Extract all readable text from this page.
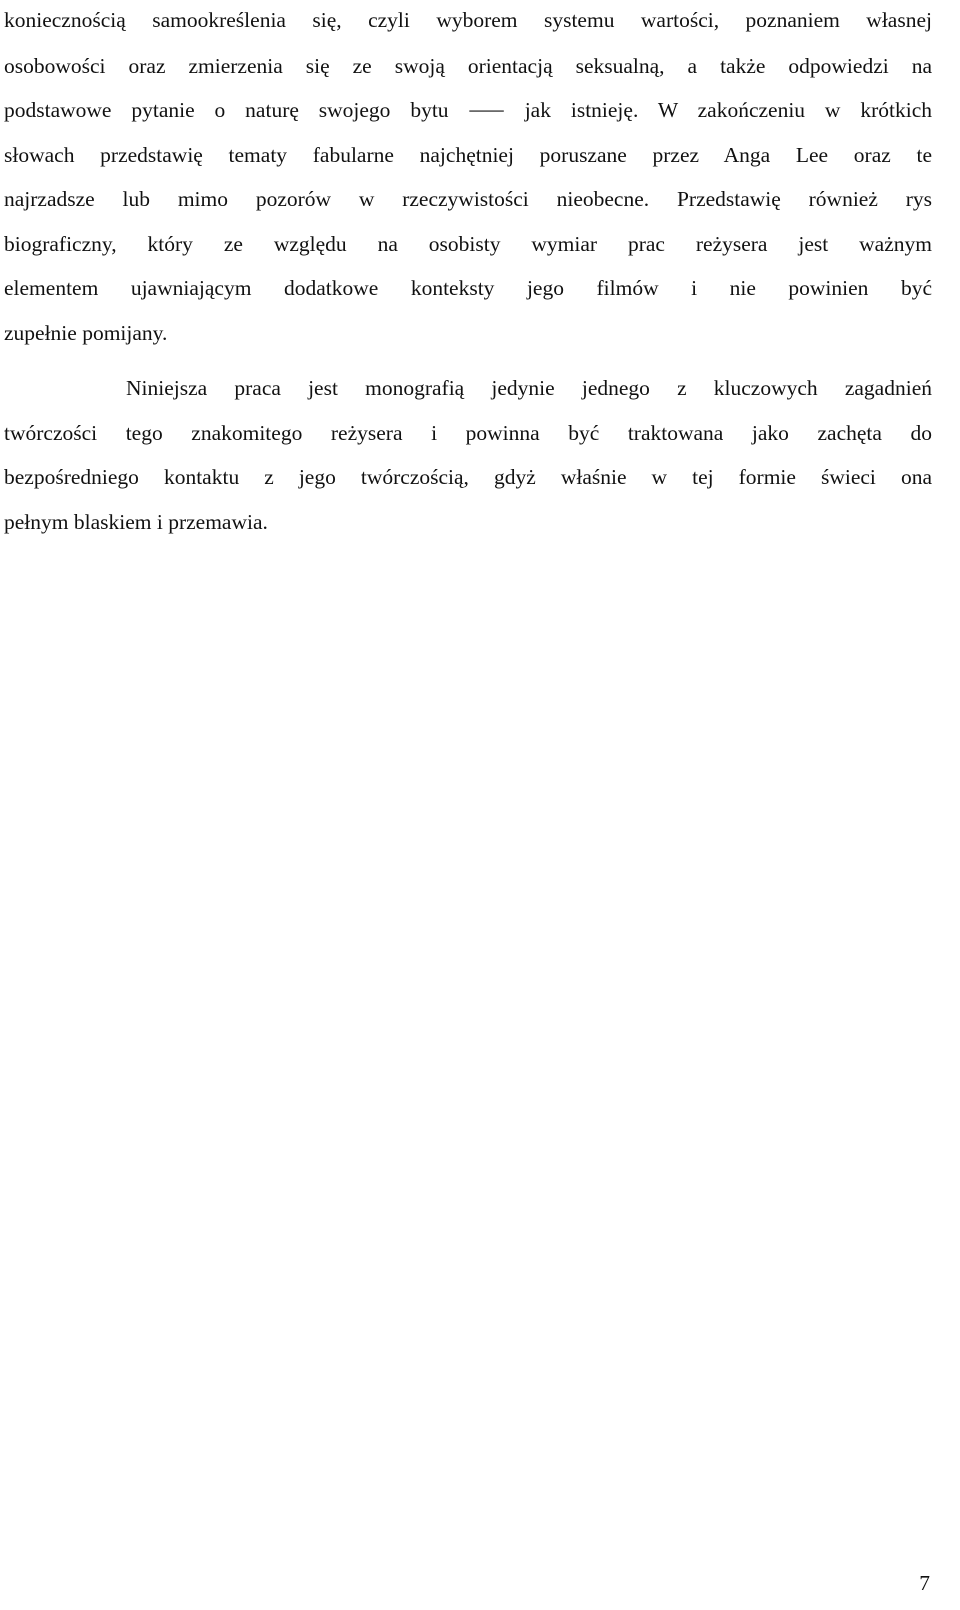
koniecznością samookreślenia się, czyli wyborem systemu wartości, poznaniem własnej
osobowości oraz zmierzenia się ze swoją orientacją seksualną, a także odpowiedzi na
podstawowe pytanie o naturę swojego bytu ⸺ jak istnieję. W zakończeniu w krótkich
słowach przedstawię tematy fabularne najchętniej poruszane przez Anga Lee oraz te
najrzadsze lub mimo pozorów w rzeczywistości nieobecne. Przedstawię również rys
biograficzny, który ze względu na osobisty wymiar prac reżysera jest ważnym
elementem ujawniającym dodatkowe konteksty jego filmów i nie powinien być
zupełnie pomijany.
Niniejsza praca jest monografią jedynie jednego z kluczowych zagadnień
twórczości tego znakomitego reżysera i powinna być traktowana jako zachęta do
bezpośredniego kontaktu z jego twórczością, gdyż właśnie w tej formie świeci ona
pełnym blaskiem i przemawia.
7
